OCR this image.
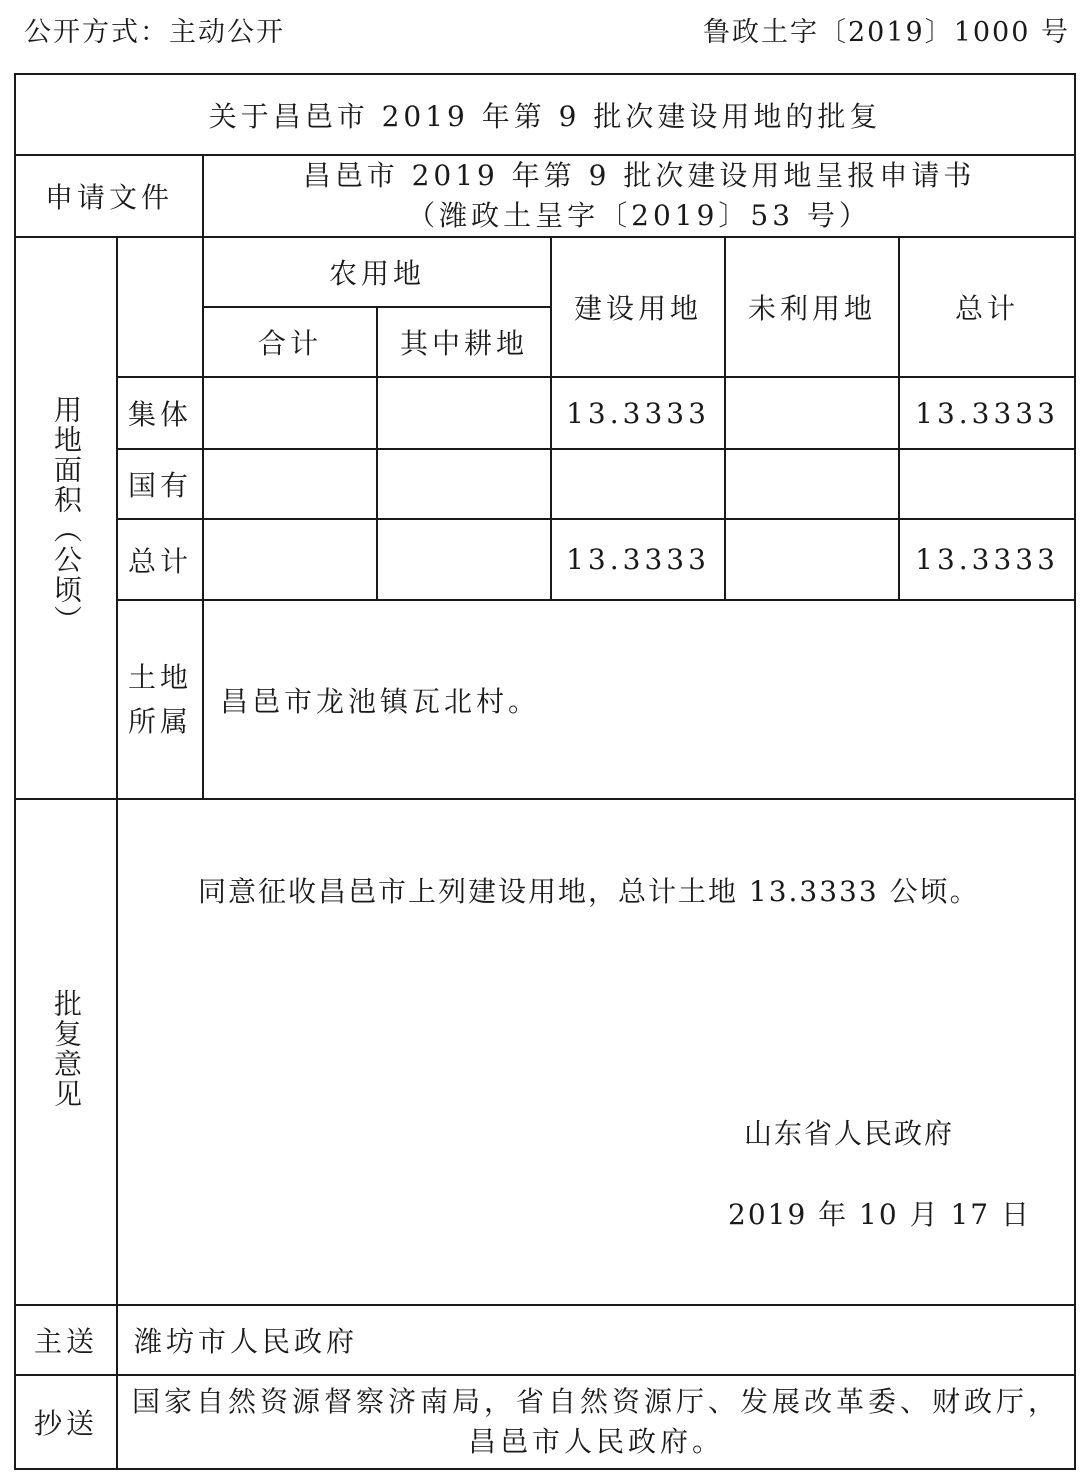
公开方式：主动公开	鲁政土字〔2019〕1000 号
关于昌邑市 2019 年第 9 批次建设用地的批复						
申请文件		昌邑市 2019 年第 9 批次建设用地呈报申请书
（潍政土呈字〔2019〕53 号）				

用地面积（公顷）		农用地		建设用地	未利用地	总计
		合计	其中耕地			
	集体			13.3333		13.3333
	国有					
	总计			13.3333		13.3333

	土地
所属	昌邑市龙池镇瓦北村。				
批复意见	同意征收昌邑市上列建设用地，总计土地 13.3333 公顷。
山东省人民政府
2019 年 10 月 17 日					

主送	潍坊市人民政府					
抄送	国家自然资源督察济南局，省自然资源厅、发展改革委、财政厅，昌邑市人民政府。					
